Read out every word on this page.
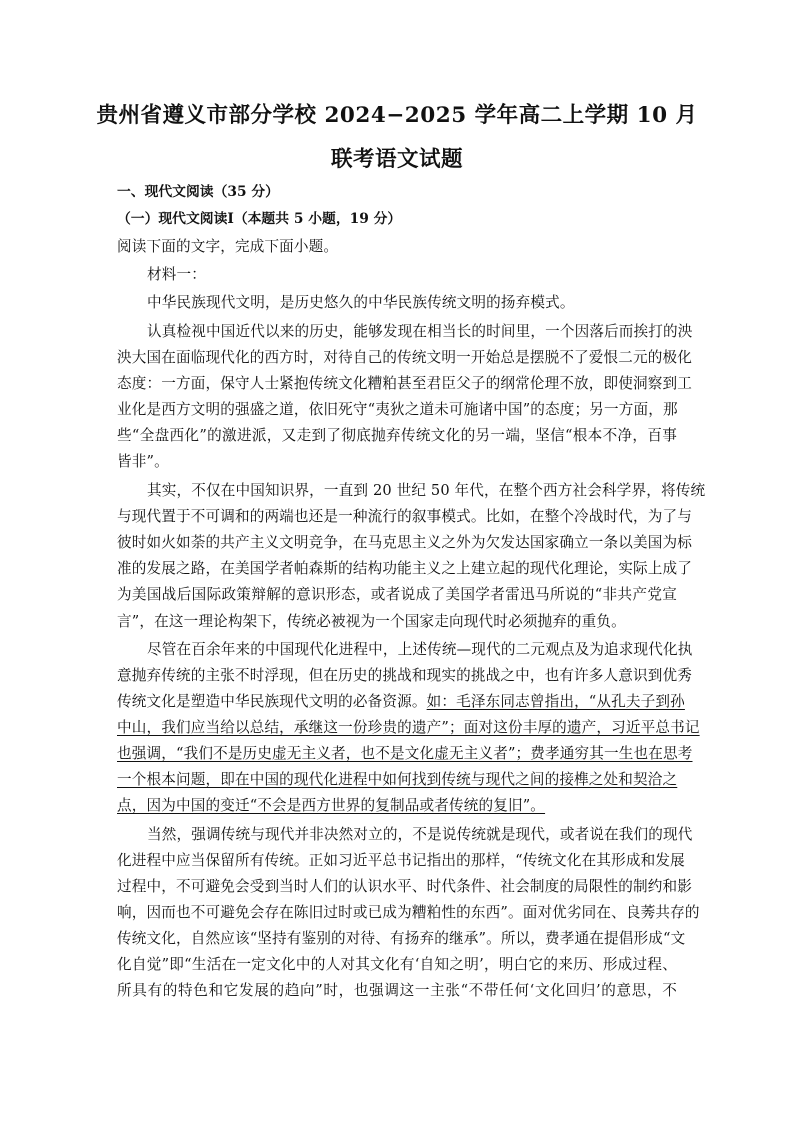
贵州省遵义市部分学校 2024−2025 学年高二上学期 10 月
联考语文试题
一、现代文阅读（35 分）
（一）现代文阅读Ⅰ（本题共 5 小题，19 分）
阅读下面的文字，完成下面小题。
材料一：
中华民族现代文明，是历史悠久的中华民族传统文明的扬弃模式。
认真检视中国近代以来的历史，能够发现在相当长的时间里，一个因落后而挨打的泱
泱大国在面临现代化的西方时，对待自己的传统文明一开始总是摆脱不了爱恨二元的极化
态度：一方面，保守人士紧抱传统文化糟粕甚至君臣父子的纲常伦理不放，即使洞察到工
业化是西方文明的强盛之道，依旧死守“夷狄之道未可施诸中国”的态度；另一方面，那
些“全盘西化”的激进派，又走到了彻底抛弃传统文化的另一端，坚信“根本不净，百事
皆非”。
其实，不仅在中国知识界，一直到 20 世纪 50 年代，在整个西方社会科学界，将传统
与现代置于不可调和的两端也还是一种流行的叙事模式。比如，在整个冷战时代，为了与
彼时如火如荼的共产主义文明竞争，在马克思主义之外为欠发达国家确立一条以美国为标
准的发展之路，在美国学者帕森斯的结构功能主义之上建立起的现代化理论，实际上成了
为美国战后国际政策辩解的意识形态，或者说成了美国学者雷迅马所说的“非共产党宣
言”，在这一理论构架下，传统必被视为一个国家走向现代时必须抛弃的重负。
尽管在百余年来的中国现代化进程中，上述传统—现代的二元观点及为追求现代化执
意抛弃传统的主张不时浮现，但在历史的挑战和现实的挑战之中，也有许多人意识到优秀
传统文化是塑造中华民族现代文明的必备资源。如：毛泽东同志曾指出，“从孔夫子到孙
中山，我们应当给以总结，承继这一份珍贵的遗产”；面对这份丰厚的遗产，习近平总书记
也强调，“我们不是历史虚无主义者，也不是文化虚无主义者”；费孝通穷其一生也在思考
一个根本问题，即在中国的现代化进程中如何找到传统与现代之间的接榫之处和契洽之
点，因为中国的变迁“不会是西方世界的复制品或者传统的复旧”。
当然，强调传统与现代并非决然对立的，不是说传统就是现代，或者说在我们的现代
化进程中应当保留所有传统。正如习近平总书记指出的那样，“传统文化在其形成和发展
过程中，不可避免会受到当时人们的认识水平、时代条件、社会制度的局限性的制约和影
响，因而也不可避免会存在陈旧过时或已成为糟粕性的东西”。面对优劣同在、良莠共存的
传统文化，自然应该“坚持有鉴别的对待、有扬弃的继承”。所以，费孝通在提倡形成“文
化自觉”即“生活在一定文化中的人对其文化有‘自知之明’，明白它的来历、形成过程、
所具有的特色和它发展的趋向”时，也强调这一主张“不带任何‘文化回归’的意思，不
